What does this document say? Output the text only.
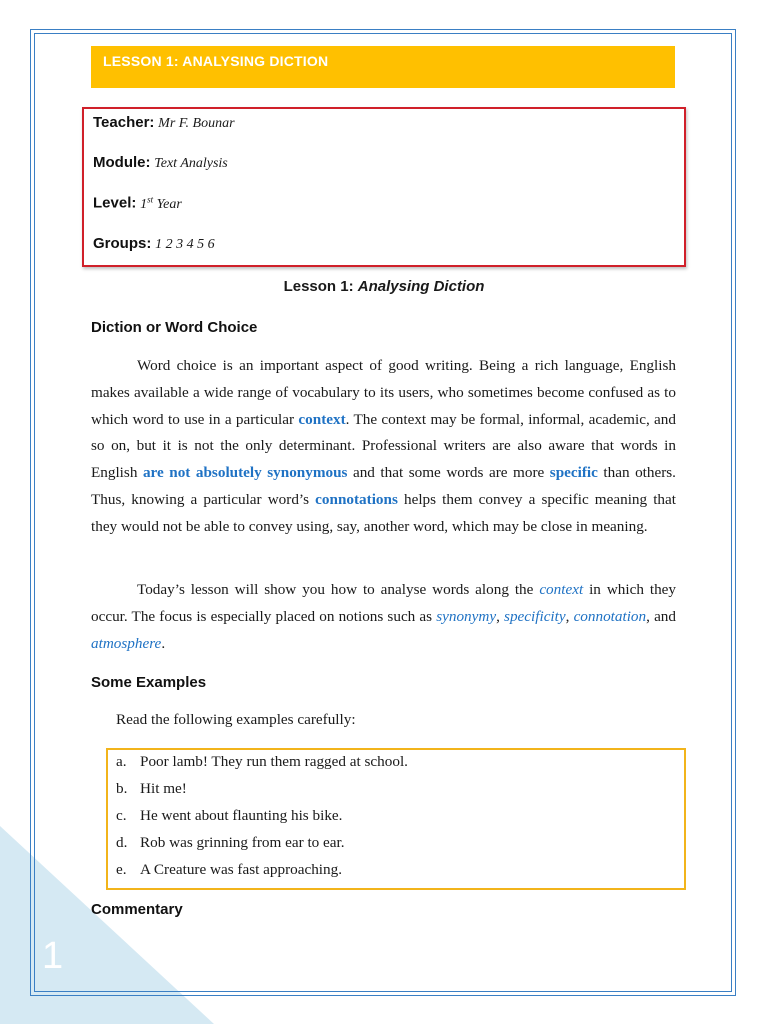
1
LESSON 1: ANALYSING DICTION
Teacher: Mr F. Bounar
Module: Text Analysis
Level: 1st Year
Groups: 1 2 3 4 5 6
Lesson 1: Analysing Diction
Diction or Word Choice
Word choice is an important aspect of good writing. Being a rich language, English makes available a wide range of vocabulary to its users, who sometimes become confused as to which word to use in a particular context. The context may be formal, informal, academic, and so on, but it is not the only determinant. Professional writers are also aware that words in English are not absolutely synonymous and that some words are more specific than others. Thus, knowing a particular word’s connotations helps them convey a specific meaning that they would not be able to convey using, say, another word, which may be close in meaning.
Today’s lesson will show you how to analyse words along the context in which they occur. The focus is especially placed on notions such as synonymy, specificity, connotation, and atmosphere.
Some Examples
Read the following examples carefully:
a. Poor lamb! They run them ragged at school.
b. Hit me!
c. He went about flaunting his bike.
d. Rob was grinning from ear to ear.
e. A Creature was fast approaching.
Commentary
